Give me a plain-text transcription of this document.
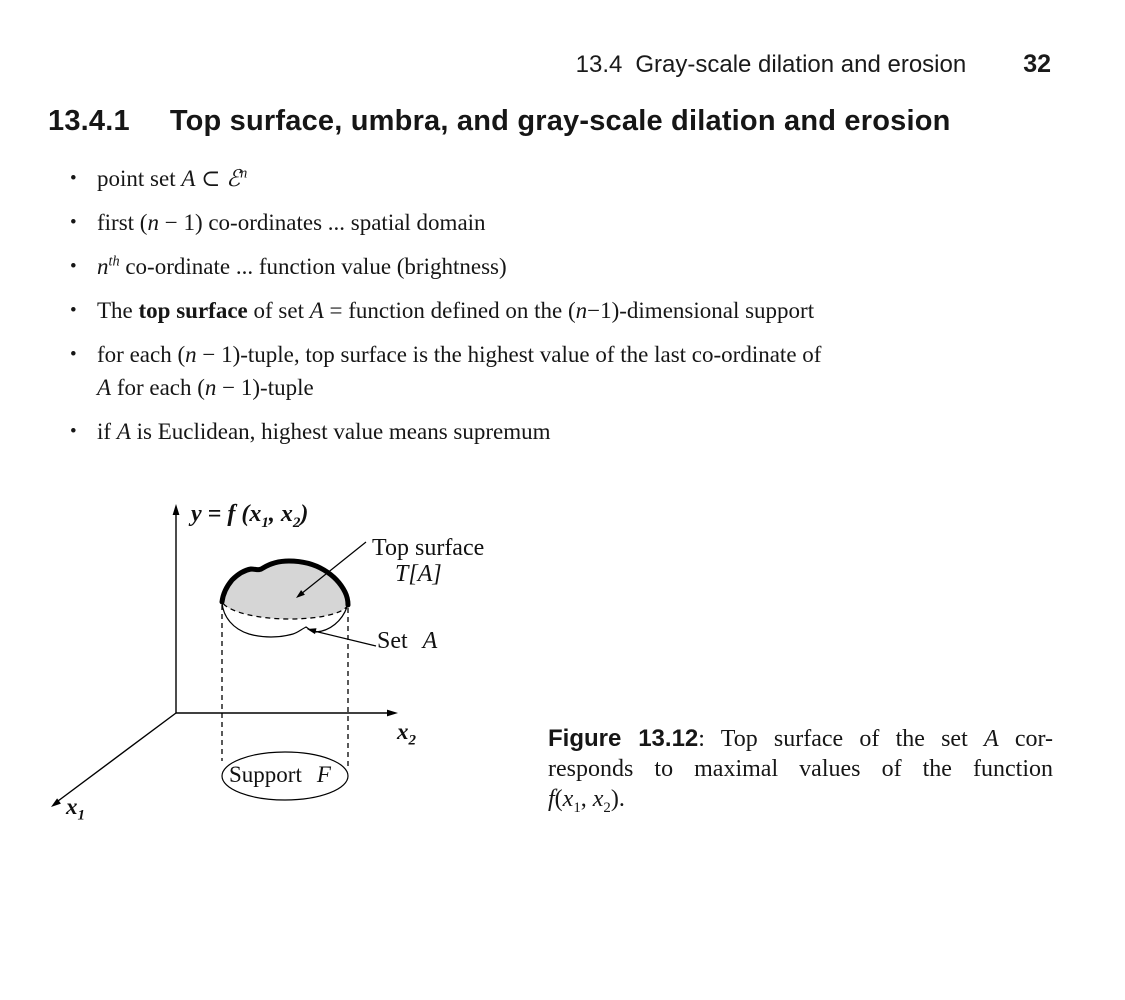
13.4 Gray-scale dilation and erosion 32
13.4.1 Top surface, umbra, and gray-scale dilation and erosion
• point set A ⊂ ℰ$^n$
• first (n − 1) co-ordinates ... spatial domain
• $n^{th}$ co-ordinate ... function value (brightness)
• The top surface of set A = function defined on the (n−1)-dimensional support
• for each (n − 1)-tuple, top surface is the highest value of the last co-ordinate of
A for each (n − 1)-tuple
• if A is Euclidean, highest value means supremum
y = f ($x_1$, $x_2$)
Top surface
T[A]
Set A
Support F
$x_2$
$x_1$
Figure 13.12: Top surface of the set A cor-
responds to maximal values of the function
$f(x_1$, $x_2$).
